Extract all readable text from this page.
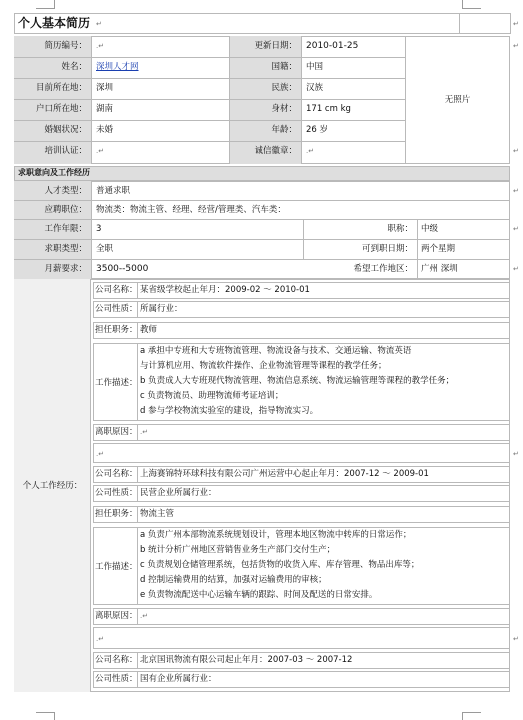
个人基本简历 ↵	↵
简历编号： .↵	更新日期： 2010-01-25
姓名： 深圳人才网	国籍： 中国
目前所在地： 深圳	民族： 汉族
户口所在地： 湖南	身材： 171 cm kg
婚姻状况： 未婚	年龄： 26 岁
培训认证： .↵	诚信徽章： .↵
无照片
求职意向及工作经历
人才类型： 普通求职
应聘职位： 物流类：物流主管、经理、经营/管理类、汽车类：
工作年限： 3	职称： 中级
求职类型： 全职	可到职日期： 两个星期
月薪要求： 3500--5000	希望工作地区： 广州 深圳
个人工作经历：
公司名称： 某省级学校起止年月：2009-02 ～ 2010-01
公司性质： 所属行业：
担任职务： 教师
工作描述：
a 承担中专班和大专班物流管理、物流设备与技术、交通运输、物流英语
与计算机应用、物流软件操作、企业物流管理等课程的教学任务；
b 负责成人大专班现代物流管理、物流信息系统、物流运输管理等课程的教学任务；
c 负责物流员、助理物流师考证培训；
d 参与学校物流实验室的建设，指导物流实习。
离职原因： .↵
.↵
公司名称： 上海赛锦特环球科技有限公司广州运营中心起止年月：2007-12 ～ 2009-01
公司性质： 民营企业所属行业：
担任职务： 物流主管
工作描述：
a 负责广州本部物流系统规划设计，管理本地区物流中转库的日常运作；
b 统计分析广州地区营销售业务生产部门交付生产；
c 负责规划仓储管理系统，包括货物的收货入库、库存管理、物品出库等；
d 控制运输费用的结算，加强对运输费用的审核；
e 负责物流配送中心运输车辆的跟踪、时间及配送的日常安排。
离职原因： .↵
.↵
公司名称： 北京国讯物流有限公司起止年月：2007-03 ～ 2007-12
公司性质： 国有企业所属行业：
↵
↵
↵
↵
↵
↵
↵
